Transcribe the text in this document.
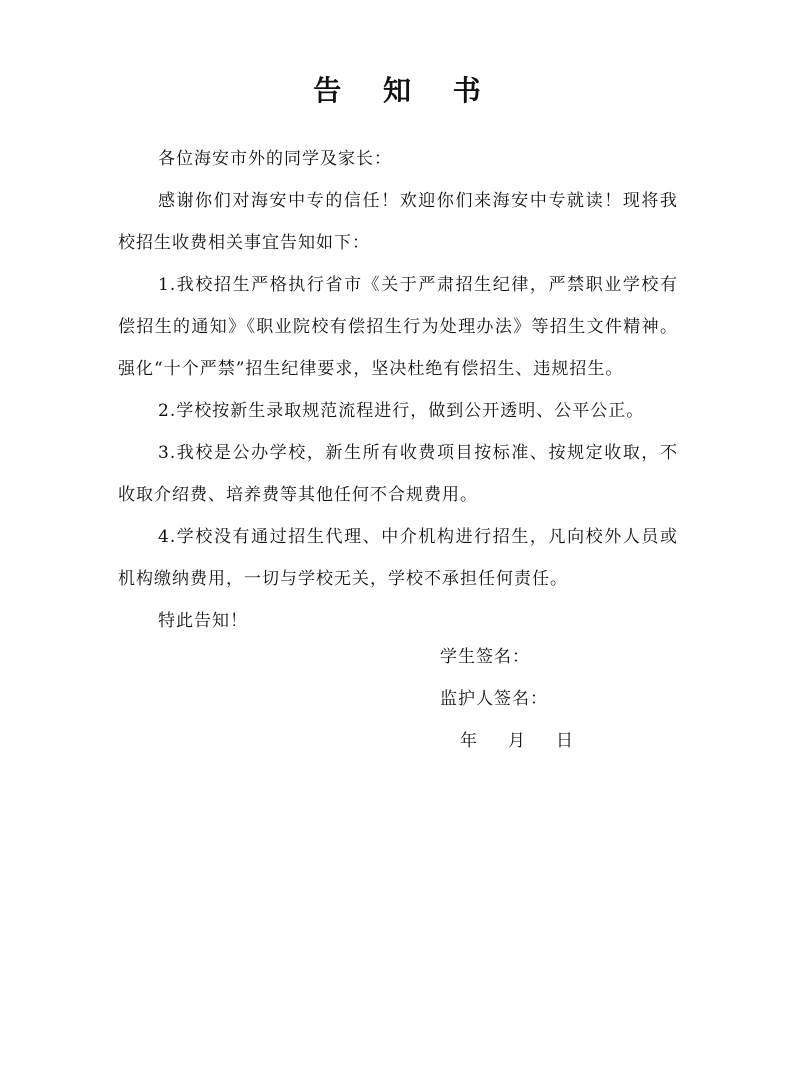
告 知 书

各位海安市外的同学及家长：

感谢你们对海安中专的信任！欢迎你们来海安中专就读！现将我校招生收费相关事宜告知如下：

1.我校招生严格执行省市《关于严肃招生纪律，严禁职业学校有偿招生的通知》《职业院校有偿招生行为处理办法》等招生文件精神。强化“十个严禁”招生纪律要求，坚决杜绝有偿招生、违规招生。

2.学校按新生录取规范流程进行，做到公开透明、公平公正。

3.我校是公办学校，新生所有收费项目按标准、按规定收取，不收取介绍费、培养费等其他任何不合规费用。

4.学校没有通过招生代理、中介机构进行招生，凡向校外人员或机构缴纳费用，一切与学校无关，学校不承担任何责任。

特此告知！

学生签名：

监护人签名：

年 月 日
